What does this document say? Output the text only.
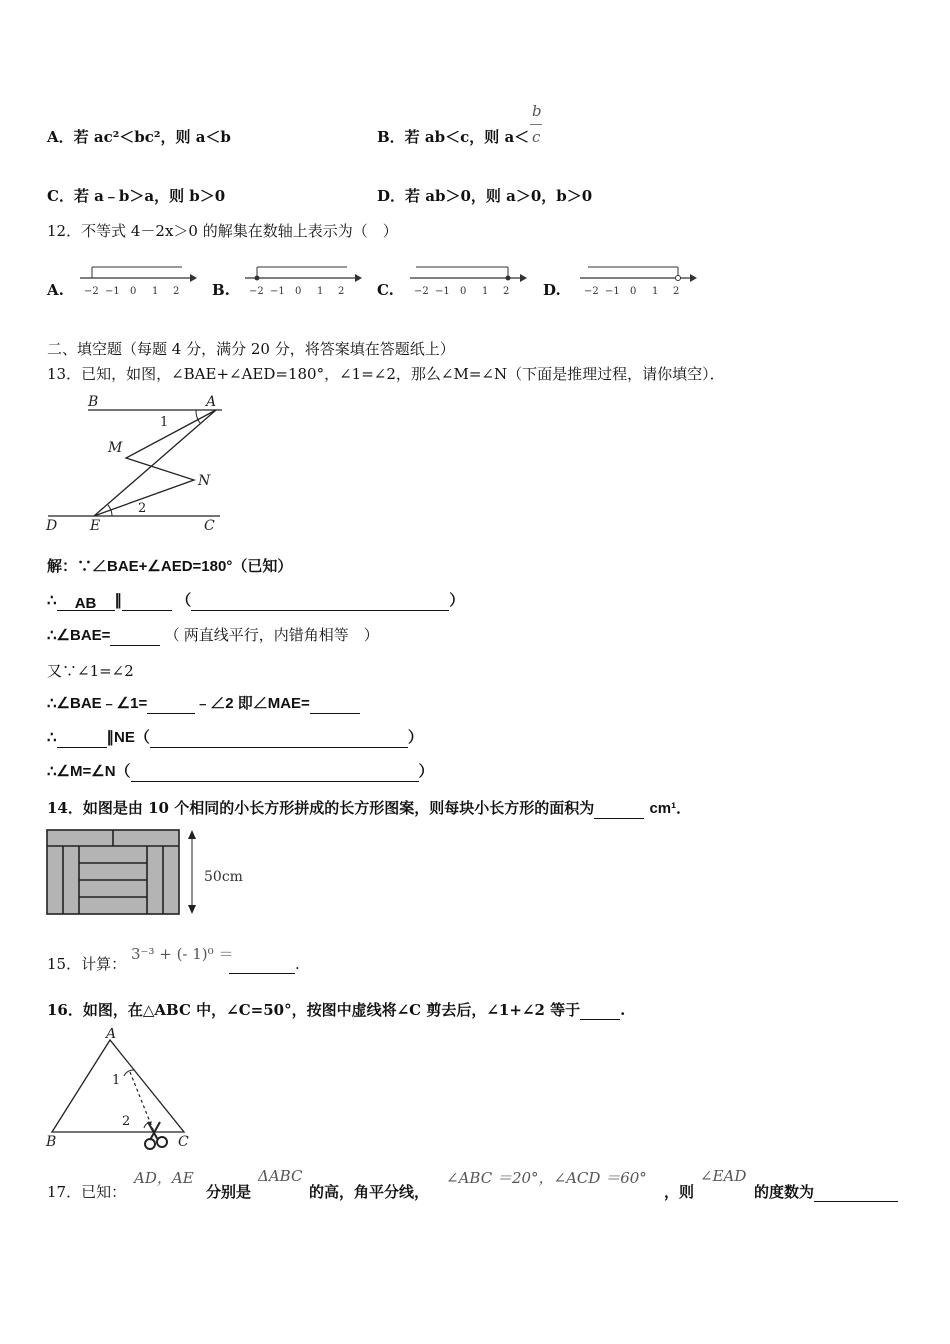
A．若 ac²＜bc²，则 a＜b	B．若 ab＜c，则 a＜
b
c
C．若 a﹣b＞a，则 b＞0	D．若 ab＞0，则 a＞0，b＞0
12．不等式 4－2x＞0 的解集在数轴上表示为（　）
A. −2 −1 0 1 2 B. −2 −1 0 1 2 C. −2 −1 0 1 2 D. −2 −1 0 1 2
二、填空题（每题 4 分，满分 20 分，将答案填在答题纸上）
13．已知，如图，∠BAE+∠AED=180°，∠1=∠2，那么∠M=∠N（下面是推理过程，请你填空）．
B	A
M
N
D E	C
1
2
解：∵∠BAE+∠AED=180°（已知）
∴ AB ∥	（	）
∴∠BAE=	（ 两直线平行，内错角相等　）
又∵∠1=∠2
∴∠BAE﹣∠1=	﹣∠2 即∠MAE=
∴	∥NE（	）
∴∠M=∠N（	）
14．如图是由 10 个相同的小长方形拼成的长方形图案，则每块小长方形的面积为	cm¹．
50cm
15．计算：
3⁻³ + (- 1)⁰ ＝
.
16．如图，在△ABC 中，∠C=50°，按图中虚线将∠C 剪去后，∠1+∠2 等于	.
A
B	C
1
2
17．已知：
AD，AE
分别是
ΔABC
的高，角平分线，
∠ABC ＝20°，∠ACD ＝60°
，则
∠EAD
的度数为
